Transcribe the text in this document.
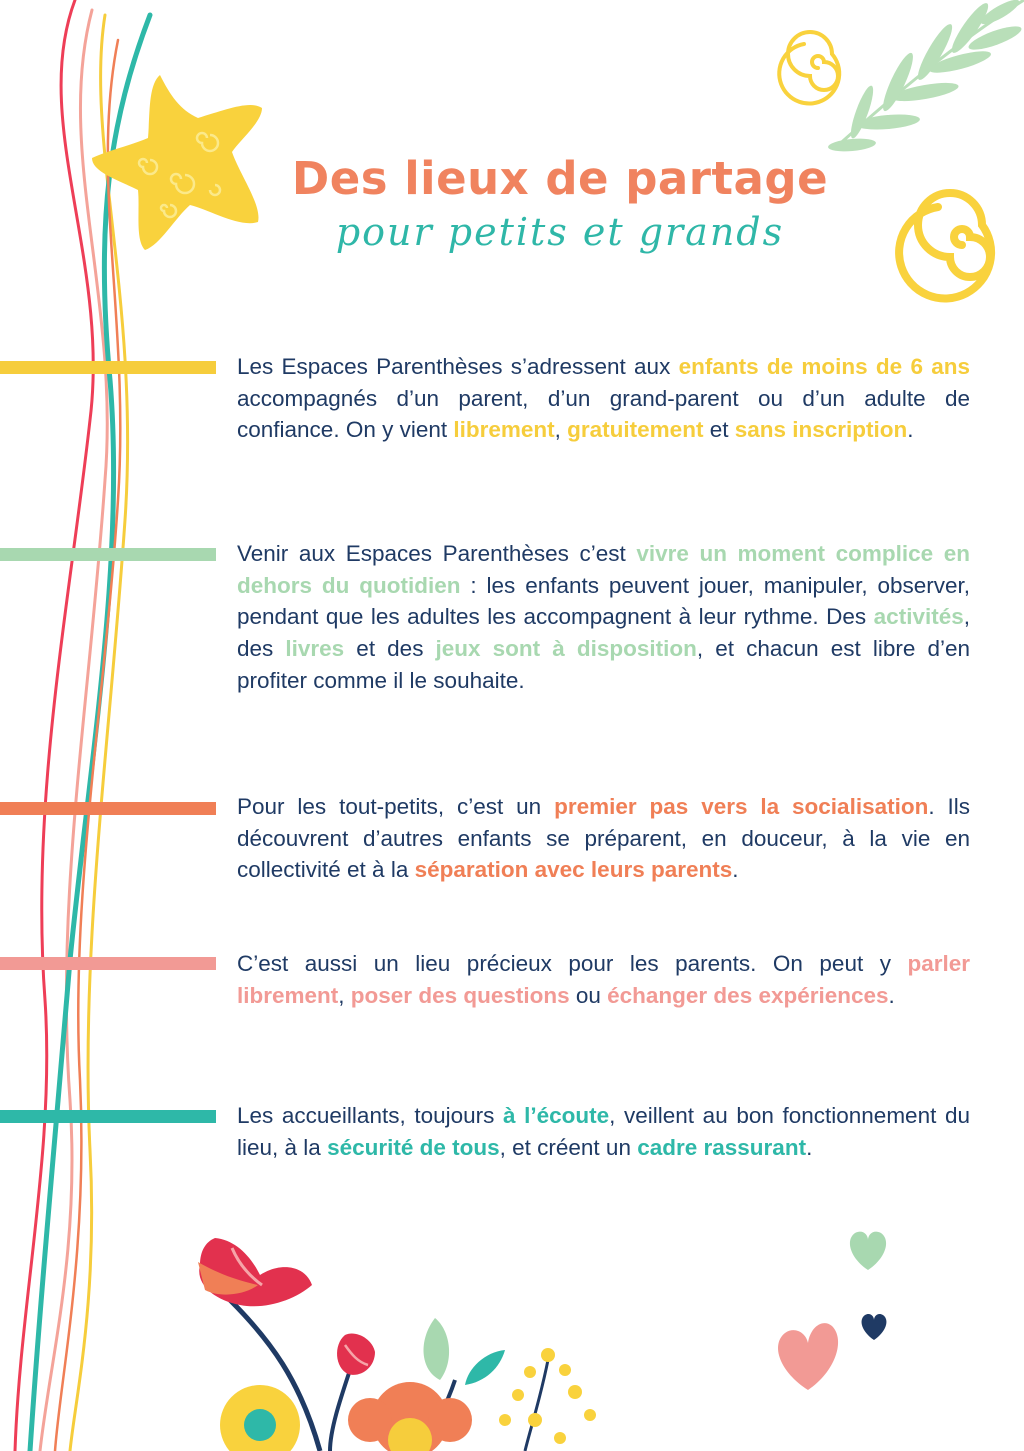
Des lieux de partage

pour petits et grands

Les Espaces Parenthèses s’adressent aux enfants de moins de 6 ans accompagnés d’un parent, d’un grand-parent ou d’un adulte de confiance. On y vient librement, gratuitement et sans inscription.

Venir aux Espaces Parenthèses c’est vivre un moment complice en dehors du quotidien : les enfants peuvent jouer, manipuler, observer, pendant que les adultes les accompagnent à leur rythme. Des activités, des livres et des jeux sont à disposition, et chacun est libre d’en profiter comme il le souhaite.

Pour les tout-petits, c’est un premier pas vers la socialisation. Ils découvrent d’autres enfants se préparent, en douceur, à la vie en collectivité et à la séparation avec leurs parents.

C’est aussi un lieu précieux pour les parents. On peut y parler librement, poser des questions ou échanger des expériences.

Les accueillants, toujours à l’écoute, veillent au bon fonctionnement du lieu, à la sécurité de tous, et créent un cadre rassurant.
